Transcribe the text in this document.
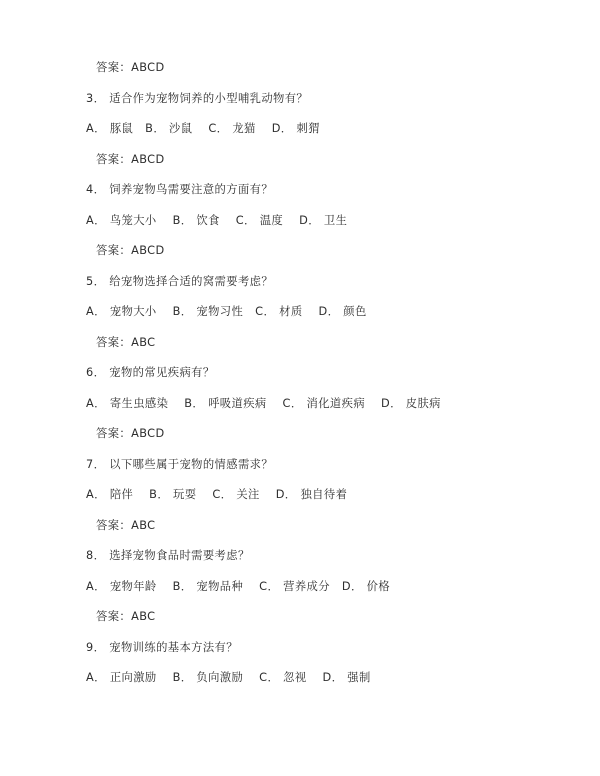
答案：ABCD
3． 适合作为宠物饲养的小型哺乳动物有？
A． 豚鼠   B． 沙鼠    C． 龙猫    D． 刺猬
答案：ABCD
4． 饲养宠物鸟需要注意的方面有？
A． 鸟笼大小    B． 饮食    C． 温度    D． 卫生
答案：ABCD
5． 给宠物选择合适的窝需要考虑？
A． 宠物大小    B． 宠物习性   C． 材质    D． 颜色
答案：ABC
6． 宠物的常见疾病有？
A． 寄生虫感染    B． 呼吸道疾病    C． 消化道疾病    D． 皮肤病
答案：ABCD
7． 以下哪些属于宠物的情感需求？
A． 陪伴    B． 玩耍    C． 关注    D． 独自待着
答案：ABC
8． 选择宠物食品时需要考虑？
A． 宠物年龄    B． 宠物品种    C． 营养成分   D． 价格
答案：ABC
9． 宠物训练的基本方法有？
A． 正向激励    B． 负向激励    C． 忽视    D． 强制
